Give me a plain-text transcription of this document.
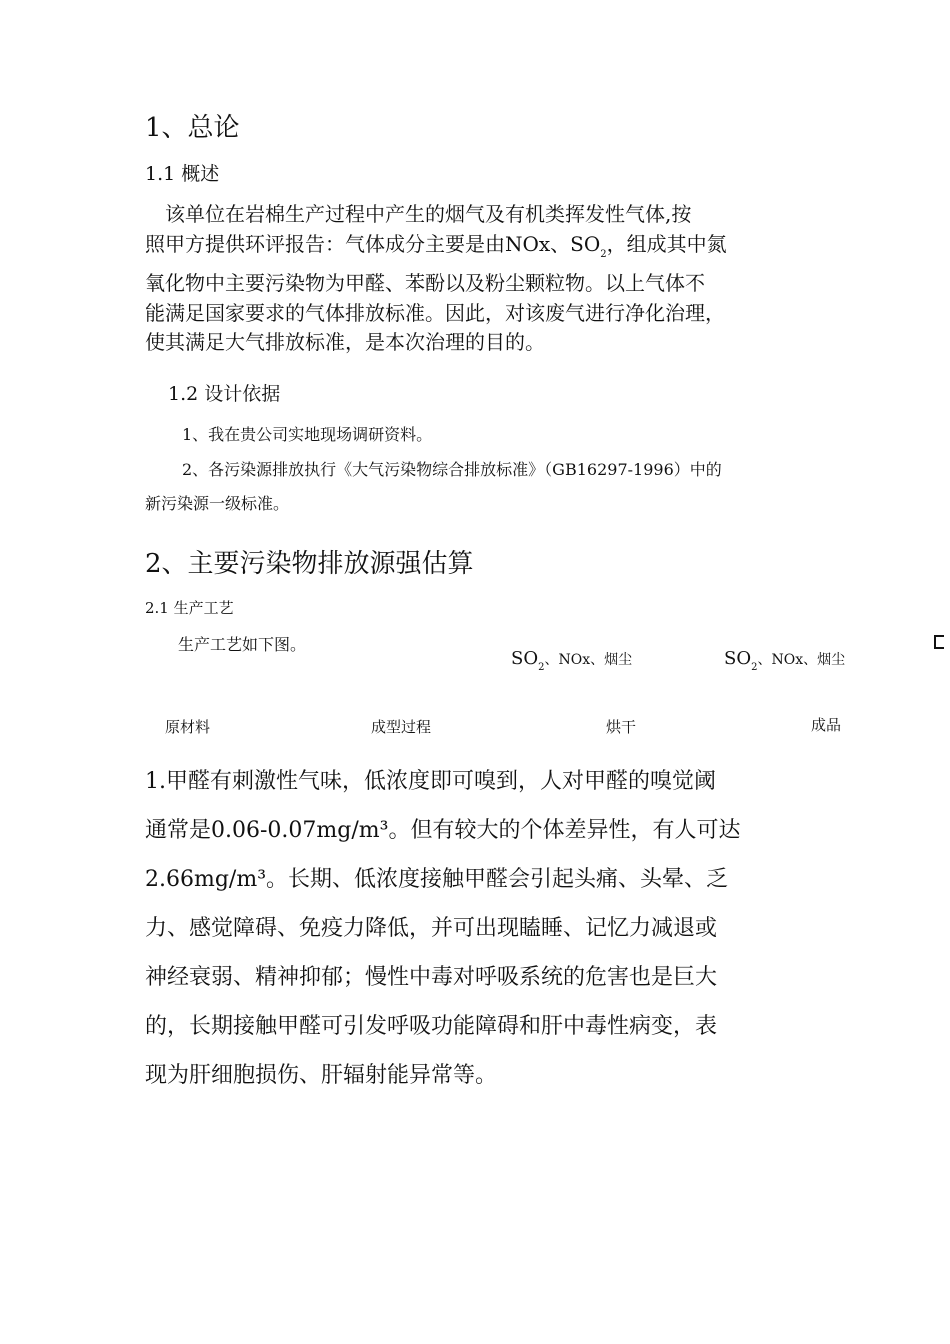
1、总论
1.1 概述
　该单位在岩棉生产过程中产生的烟气及有机类挥发性气体,按
照甲方提供环评报告：气体成分主要是由NOx、$SO_2$，组成其中氮
氧化物中主要污染物为甲醛、苯酚以及粉尘颗粒物。以上气体不
能满足国家要求的气体排放标准。因此，对该废气进行净化治理，
使其满足大气排放标准，是本次治理的目的。
1.2 设计依据
1、我在贵公司实地现场调研资料。
2、各污染源排放执行《大气污染物综合排放标准》（GB16297-1996）中的
新污染源一级标准。
2、主要污染物排放源强估算
2.1 生产工艺
生产工艺如下图。
$SO_2$、NOx、烟尘	$SO_2$、NOx、烟尘
原材料	成型过程	烘干	成品
1.甲醛有刺激性气味，低浓度即可嗅到，人对甲醛的嗅觉阈
通常是0.06-0.07mg/m³。但有较大的个体差异性，有人可达
2.66mg/m³。长期、低浓度接触甲醛会引起头痛、头晕、乏
力、感觉障碍、免疫力降低，并可出现瞌睡、记忆力减退或
神经衰弱、精神抑郁；慢性中毒对呼吸系统的危害也是巨大
的，长期接触甲醛可引发呼吸功能障碍和肝中毒性病变，表
现为肝细胞损伤、肝辐射能异常等。
